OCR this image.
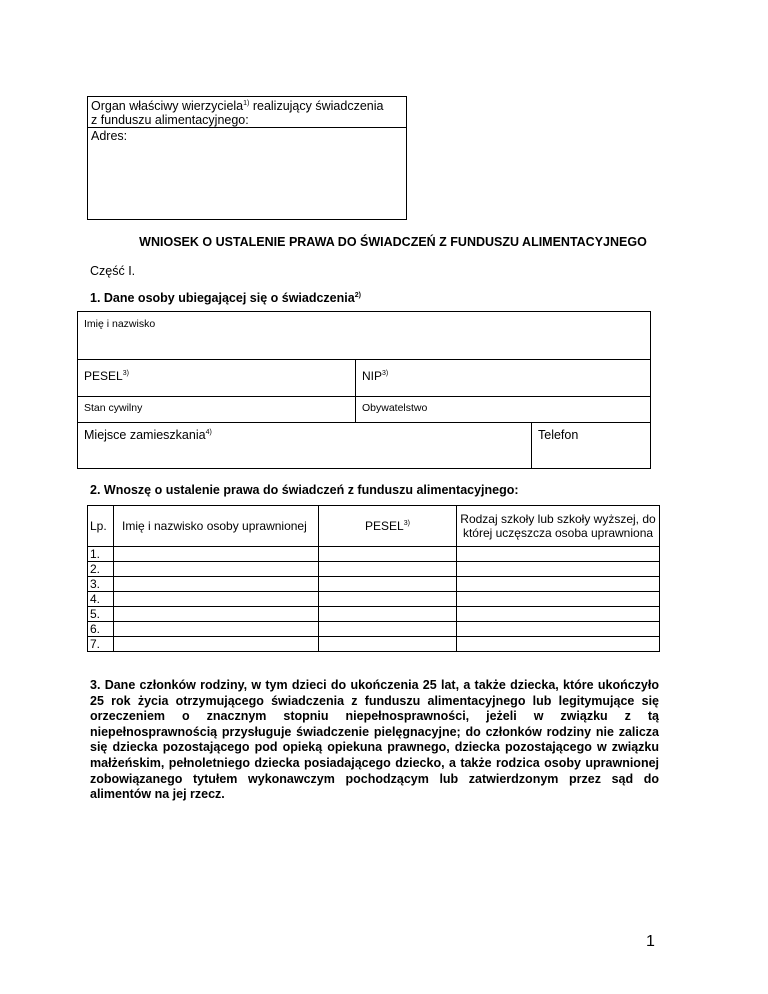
Organ właściwy wierzyciela$^{1)}$ realizujący świadczenia
z funduszu alimentacyjnego:
Adres:
WNIOSEK O USTALENIE PRAWA DO ŚWIADCZEŃ Z FUNDUSZU ALIMENTACYJNEGO
Część I.
1. Dane osoby ubiegającej się o świadczenia$^{2)}$
Imię i nazwisko		
PESEL$^{3)}$	NIP$^{3)}$
Stan cywilny	Obywatelstwo	
Miejsce zamieszkania$^{4)}$		Telefon
2. Wnoszę o ustalenie prawa do świadczeń z funduszu alimentacyjnego:
Lp.	Imię i nazwisko osoby uprawnionej	PESEL$^{3)}$	Rodzaj szkoły lub szkoły wyższej, do której uczęszcza osoba uprawniona
1.			
2.			
3.			
4.			
5.			
6.			
7.			
3. Dane członków rodziny, w tym dzieci do ukończenia 25 lat, a także dziecka, które ukończyło 25 rok życia otrzymującego świadczenia z funduszu alimentacyjnego lub legitymujące się orzeczeniem o znacznym stopniu niepełnosprawności, jeżeli w związku z tą niepełnosprawnością przysługuje świadczenie pielęgnacyjne; do członków rodziny nie zalicza się dziecka pozostającego pod opieką opiekuna prawnego, dziecka pozostającego w związku małżeńskim, pełnoletniego dziecka posiadającego dziecko, a także rodzica osoby uprawnionej zobowiązanego tytułem wykonawczym pochodzącym lub zatwierdzonym przez sąd do alimentów na jej rzecz.
1
